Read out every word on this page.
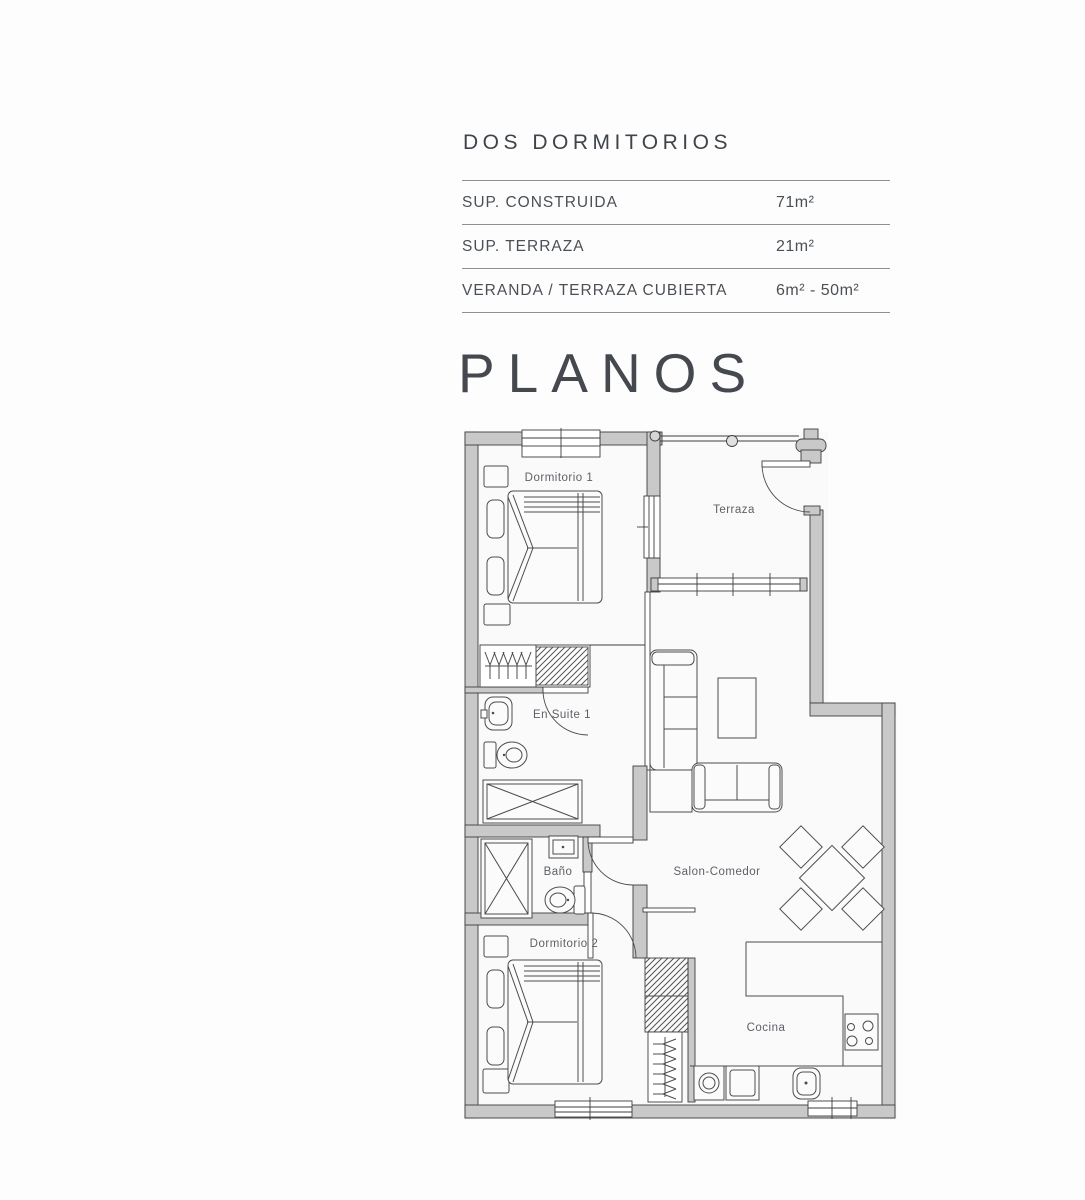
DOS DORMITORIOS
SUP. CONSTRUIDA	71m²
SUP. TERRAZA	21m²
VERANDA / TERRAZA CUBIERTA	6m² - 50m²
PLANOS
Dormitorio 1
Terraza
En Suite 1
Salon-Comedor
Baño
Dormitorio 2
Cocina
